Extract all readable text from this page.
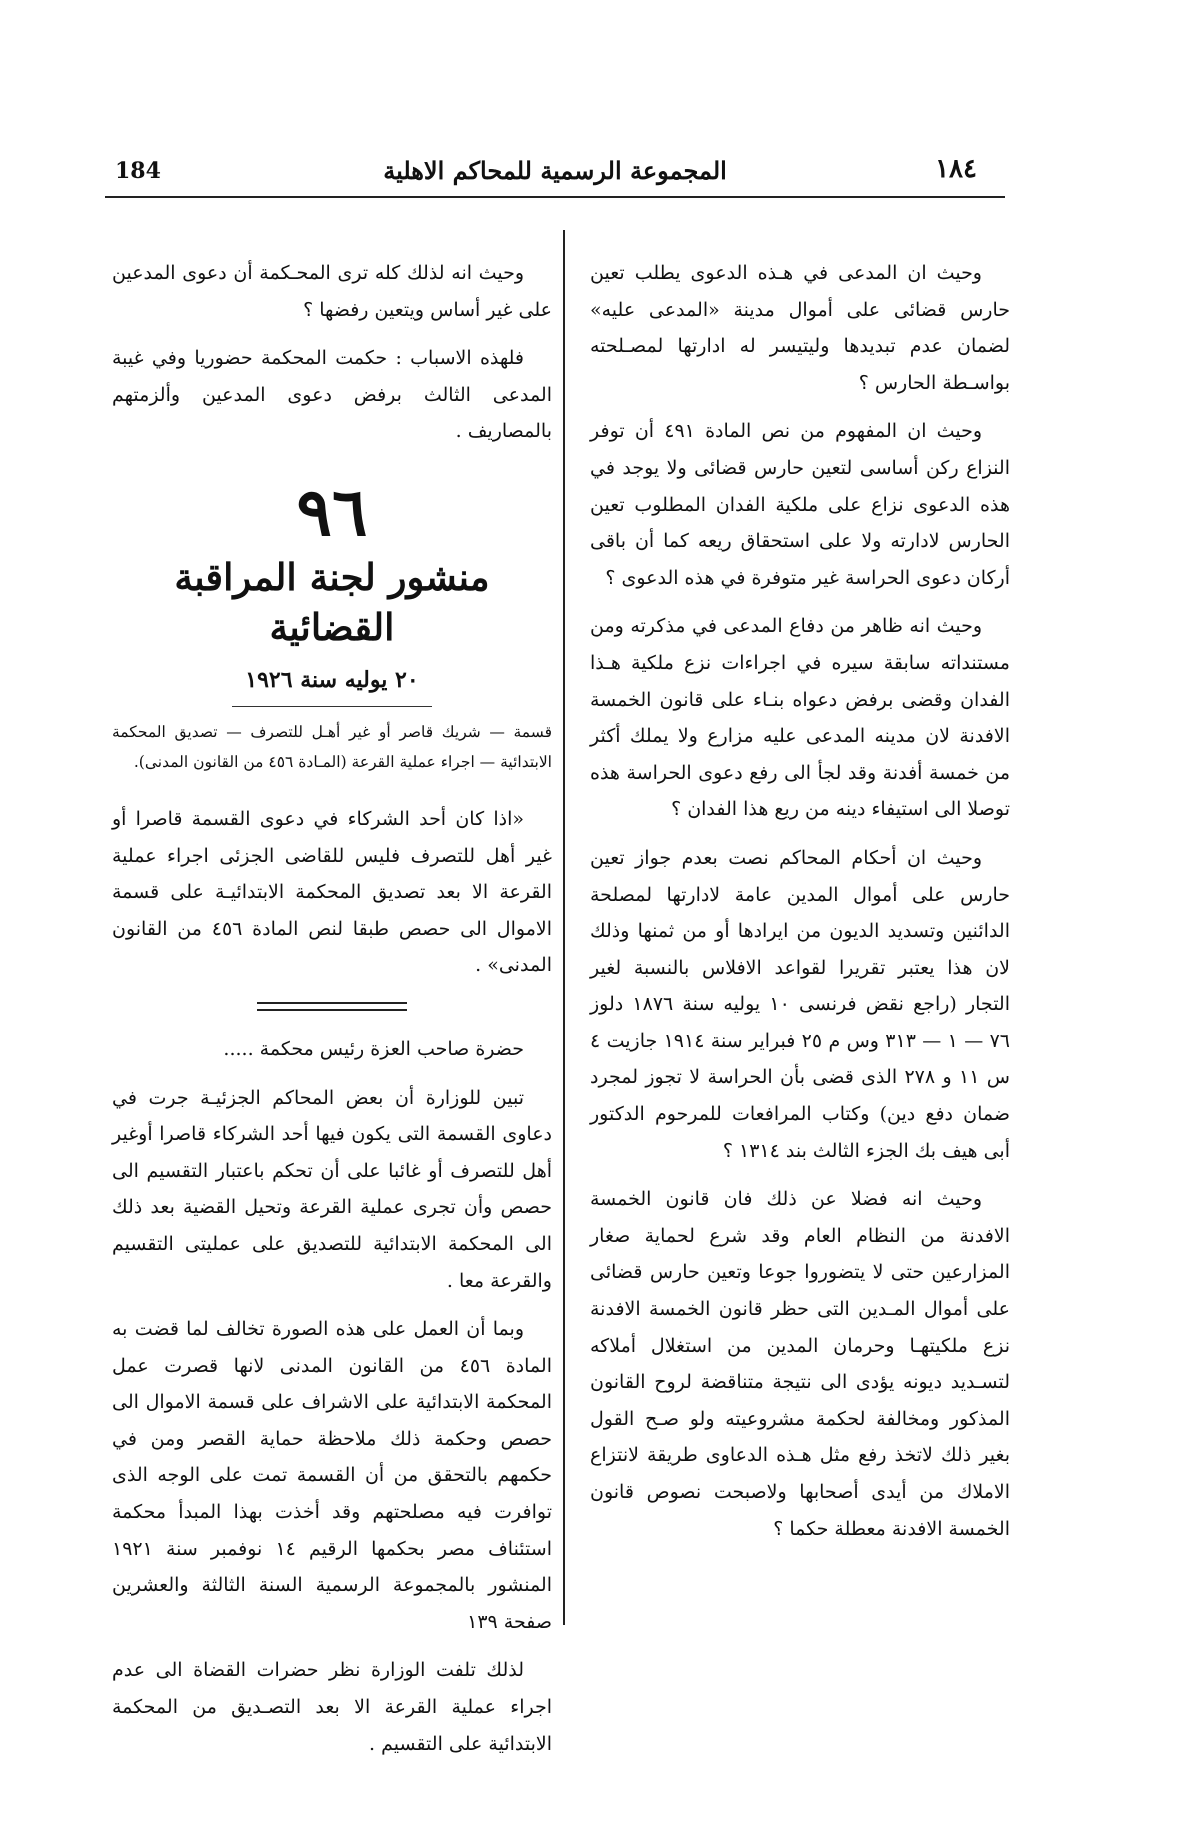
184	المجموعة الرسمية للمحاكم الاهلية	١٨٤

وحيث ان المدعى في هـذه الدعوى يطلب تعين حارس قضائى على أموال مدينة «المدعى عليه» لضمان عدم تبديدها وليتيسر له ادارتها لمصـلحته بواسـطة الحارس ؟

وحيث ان المفهوم من نص المادة ٤٩١ أن توفر النزاع ركن أساسى لتعين حارس قضائى ولا يوجد في هذه الدعوى نزاع على ملكية الفدان المطلوب تعين الحارس لادارته ولا على استحقاق ريعه كما أن باقى أركان دعوى الحراسة غير متوفرة في هذه الدعوى ؟

وحيث انه ظاهر من دفاع المدعى في مذكرته ومن مستنداته سابقة سيره في اجراءات نزع ملكية هـذا الفدان وقضى برفض دعواه بنـاء على قانون الخمسة الافدنة لان مدينه المدعى عليه مزارع ولا يملك أكثر من خمسة أفدنة وقد لجأ الى رفع دعوى الحراسة هذه توصلا الى استيفاء دينه من ريع هذا الفدان ؟

وحيث ان أحكام المحاكم نصت بعدم جواز تعين حارس على أموال المدين عامة لادارتها لمصلحة الدائنين وتسديد الديون من ايرادها أو من ثمنها وذلك لان هذا يعتبر تقريرا لقواعد الافلاس بالنسبة لغير التجار (راجع نقض فرنسى ١٠ يوليه سنة ١٨٧٦ دلوز ٧٦ — ١ — ٣١٣ وس م ٢٥ فبراير سنة ١٩١٤ جازيت ٤ س ١١ و ٢٧٨ الذى قضى بأن الحراسة لا تجوز لمجرد ضمان دفع دين) وكتاب المرافعات للمرحوم الدكتور أبى هيف بك الجزء الثالث بند ١٣١٤ ؟

وحيث انه فضلا عن ذلك فان قانون الخمسة الافدنة من النظام العام وقد شرع لحماية صغار المزارعين حتى لا يتضوروا جوعا وتعين حارس قضائى على أموال المـدين التى حظر قانون الخمسة الافدنة نزع ملكيتهـا وحرمان المدين من استغلال أملاكه لتسـديد ديونه يؤدى الى نتيجة متناقضة لروح القانون المذكور ومخالفة لحكمة مشروعيته ولو صـح القول بغير ذلك لاتخذ رفع مثل هـذه الدعاوى طريقة لانتزاع الاملاك من أيدى أصحابها ولاصبحت نصوص قانون الخمسة الافدنة معطلة حكما ؟

وحيث انه لذلك كله ترى المحـكمة أن دعوى المدعين على غير أساس ويتعين رفضها ؟

فلهذه الاسباب : حكمت المحكمة حضوريا وفي غيبة المدعى الثالث برفض دعوى المدعين وألزمتهم بالمصاريف .

٩٦
منشور لجنة المراقبة القضائية
٢٠ يوليه سنة ١٩٢٦

قسمة — شريك قاصر أو غير أهـل للتصرف — تصديق المحكمة الابتدائية — اجراء عملية القرعة (المـادة ٤٥٦ من القانون المدنى).

«اذا كان أحد الشركاء في دعوى القسمة قاصرا أو غير أهل للتصرف فليس للقاضى الجزئى اجراء عملية القرعة الا بعد تصديق المحكمة الابتدائيـة على قسمة الاموال الى حصص طبقا لنص المادة ٤٥٦ من القانون المدنى» .

حضرة صاحب العزة رئيس محكمة .....

تبين للوزارة أن بعض المحاكم الجزئيـة جرت في دعاوى القسمة التى يكون فيها أحد الشركاء قاصرا أوغير أهل للتصرف أو غائبا على أن تحكم باعتبار التقسيم الى حصص وأن تجرى عملية القرعة وتحيل القضية بعد ذلك الى المحكمة الابتدائية للتصديق على عمليتى التقسيم والقرعة معا .

وبما أن العمل على هذه الصورة تخالف لما قضت به المادة ٤٥٦ من القانون المدنى لانها قصرت عمل المحكمة الابتدائية على الاشراف على قسمة الاموال الى حصص وحكمة ذلك ملاحظة حماية القصر ومن في حكمهم بالتحقق من أن القسمة تمت على الوجه الذى توافرت فيه مصلحتهم وقد أخذت بهذا المبدأ محكمة استئناف مصر بحكمها الرقيم ١٤ نوفمبر سنة ١٩٢١ المنشور بالمجموعة الرسمية السنة الثالثة والعشرين صفحة ١٣٩

لذلك تلفت الوزارة نظر حضرات القضاة الى عدم اجراء عملية القرعة الا بعد التصـديق من المحكمة الابتدائية على التقسيم .
